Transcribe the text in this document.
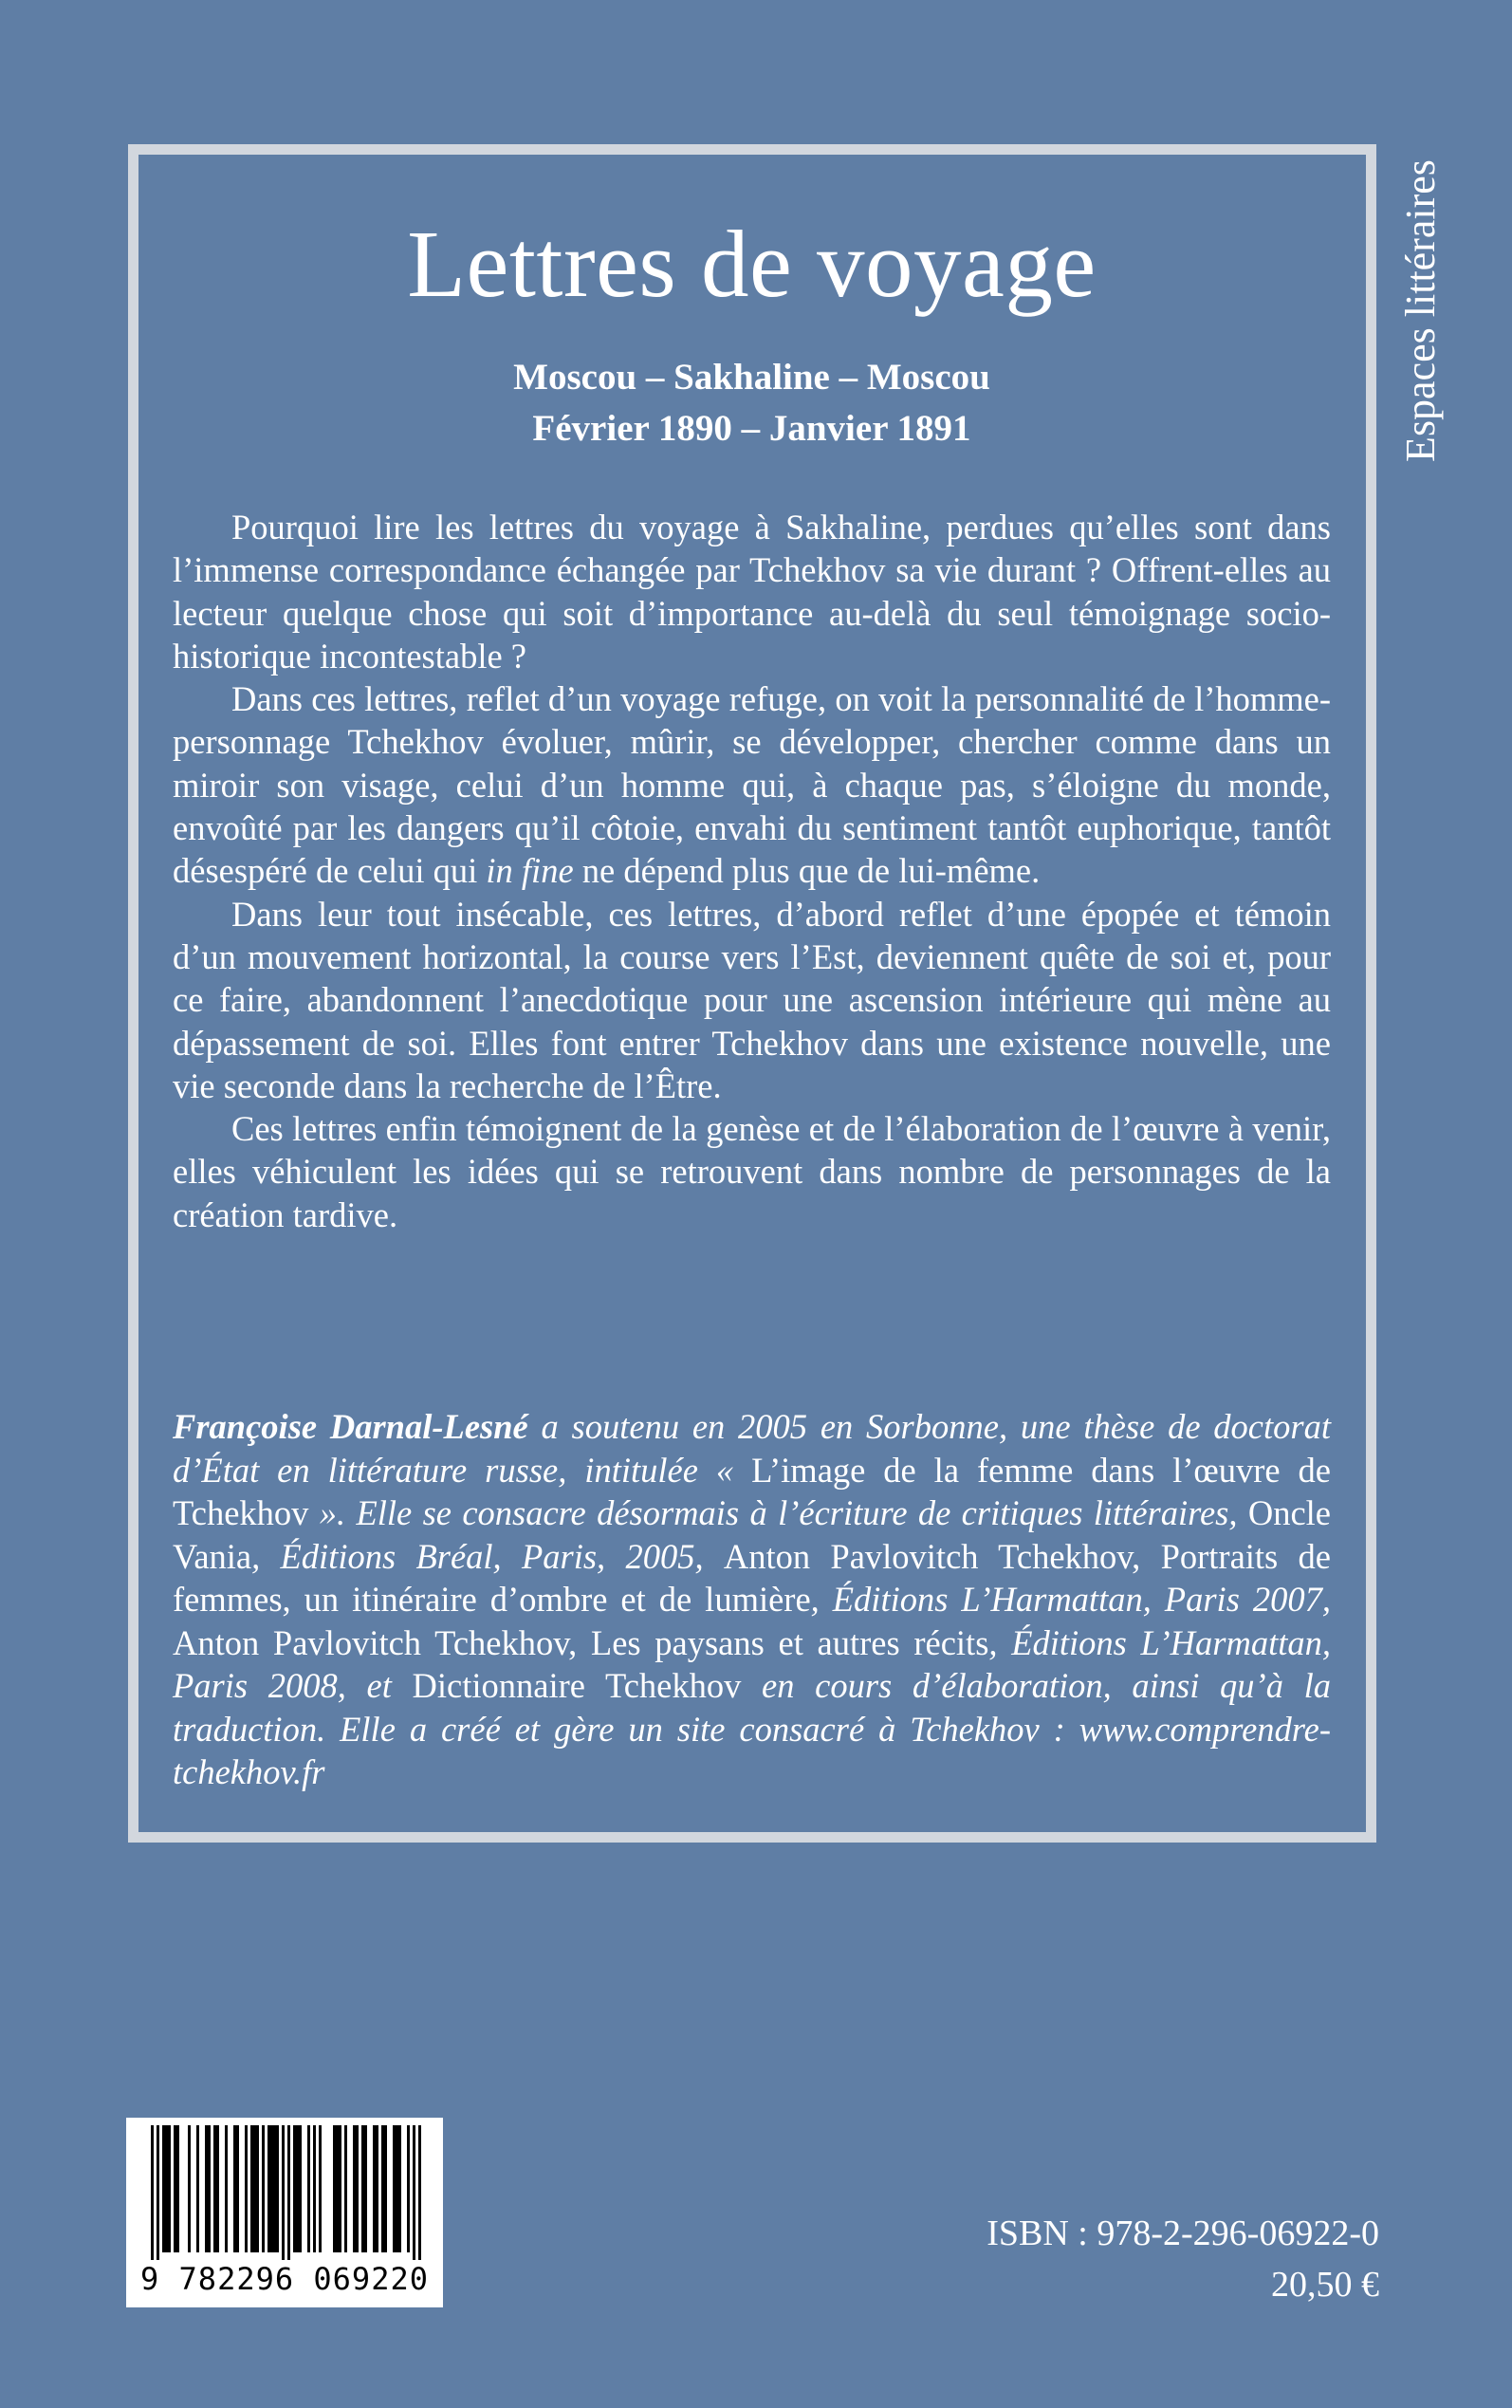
Lettres de voyage
Moscou – Sakhaline – Moscou
Février 1890 – Janvier 1891

Pourquoi lire les lettres du voyage à Sakhaline, perdues qu’elles sont dans l’immense correspondance échangée par Tchekhov sa vie durant ? Offrent-elles au lecteur quelque chose qui soit d’importance au-delà du seul témoignage socio-historique incontestable ?

Dans ces lettres, reflet d’un voyage refuge, on voit la personnalité de l’homme-personnage Tchekhov évoluer, mûrir, se développer, chercher comme dans un miroir son visage, celui d’un homme qui, à chaque pas, s’éloigne du monde, envoûté par les dangers qu’il côtoie, envahi du sentiment tantôt euphorique, tantôt désespéré de celui qui in fine ne dépend plus que de lui-même.

Dans leur tout insécable, ces lettres, d’abord reflet d’une épopée et témoin d’un mouvement horizontal, la course vers l’Est, deviennent quête de soi et, pour ce faire, abandonnent l’anecdotique pour une ascension intérieure qui mène au dépassement de soi. Elles font entrer Tchekhov dans une existence nouvelle, une vie seconde dans la recherche de l’Être.

Ces lettres enfin témoignent de la genèse et de l’élaboration de l’œuvre à venir, elles véhiculent les idées qui se retrouvent dans nombre de personnages de la création tardive.

Françoise Darnal-Lesné a soutenu en 2005 en Sorbonne, une thèse de doctorat d’État en littérature russe, intitulée « L’image de la femme dans l’œuvre de Tchekhov ». Elle se consacre désormais à l’écriture de critiques littéraires, Oncle Vania, Éditions Bréal, Paris, 2005, Anton Pavlovitch Tchekhov, Portraits de femmes, un itinéraire d’ombre et de lumière, Éditions L’Harmattan, Paris 2007, Anton Pavlovitch Tchekhov, Les paysans et autres récits, Éditions L’Harmattan, Paris 2008, et Dictionnaire Tchekhov en cours d’élaboration, ainsi qu’à la traduction. Elle a créé et gère un site consacré à Tchekhov : www.comprendre-tchekhov.fr

Espaces littéraires
9 782296 069220
ISBN : 978-2-296-06922-0
20,50 €
